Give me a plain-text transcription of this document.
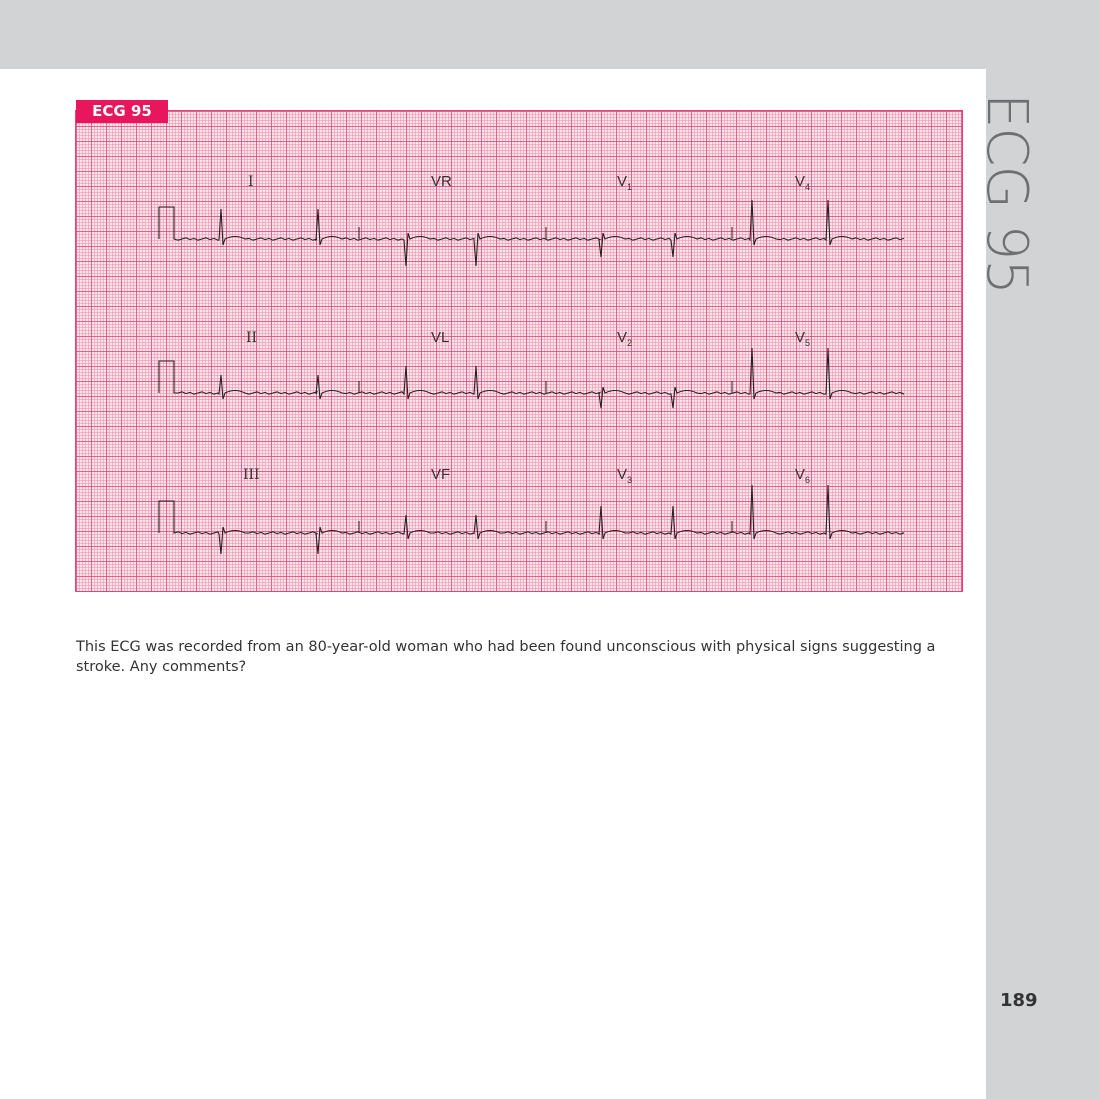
ECG 95
I	VR	$V_1$	$V_4$
II	VL	$V_2$	$V_5$
III	VF	$V_3$	$V_6$
ECG 95

This ECG was recorded from an 80-year-old woman who had been found unconscious with physical signs suggesting a stroke. Any comments?

189
